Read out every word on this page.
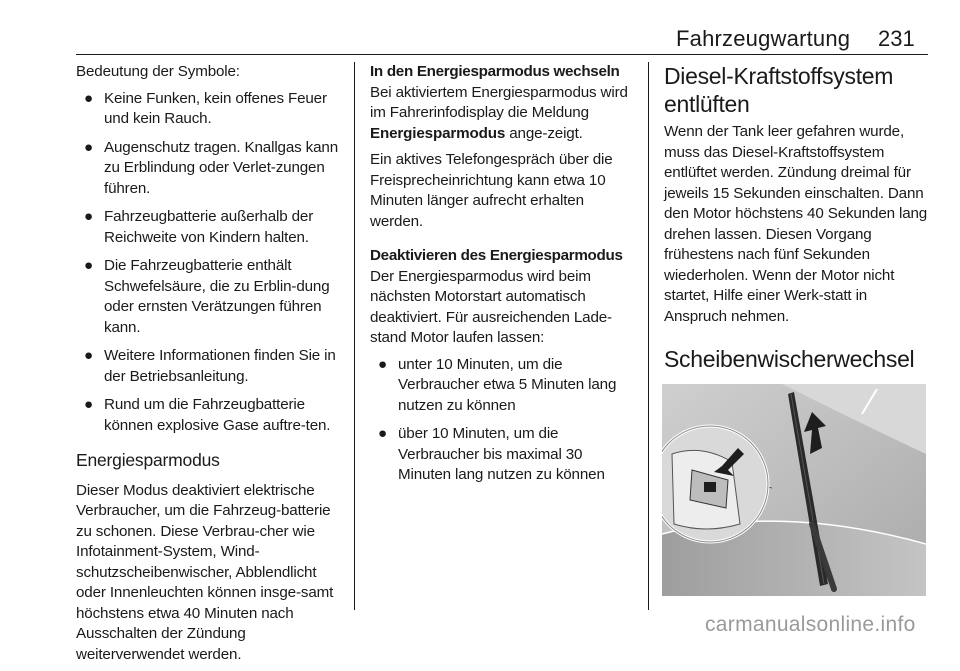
Fahrzeugwartung 231

Bedeutung der Symbole:

● Keine Funken, kein offenes Feuer und kein Rauch.
● Augenschutz tragen. Knallgas kann zu Erblindung oder Verlet-zungen führen.
● Fahrzeugbatterie außerhalb der Reichweite von Kindern halten.
● Die Fahrzeugbatterie enthält Schwefelsäure, die zu Erblin-dung oder ernsten Verätzungen führen kann.
● Weitere Informationen finden Sie in der Betriebsanleitung.
● Rund um die Fahrzeugbatterie können explosive Gase auftre-ten.
Energiesparmodus

Dieser Modus deaktiviert elektrische Verbraucher, um die Fahrzeug-batterie zu schonen. Diese Verbrau-cher wie Infotainment-System, Wind-schutzscheibenwischer, Abblendlicht oder Innenleuchten können insge-samt höchstens etwa 40 Minuten nach Ausschalten der Zündung weiterverwendet werden.

In den Energiesparmodus wechseln

Bei aktiviertem Energiesparmodus wird im Fahrerinfodisplay die Meldung Energiesparmodus ange-zeigt.

Ein aktives Telefongespräch über die Freisprecheinrichtung kann etwa 10 Minuten länger aufrecht erhalten werden.

Deaktivieren des Energiesparmodus

Der Energiesparmodus wird beim nächsten Motorstart automatisch deaktiviert. Für ausreichenden Lade-stand Motor laufen lassen:

● unter 10 Minuten, um die Verbraucher etwa 5 Minuten lang nutzen zu können
● über 10 Minuten, um die Verbraucher bis maximal 30 Minuten lang nutzen zu können
Diesel-Kraftstoffsystem entlüften

Wenn der Tank leer gefahren wurde, muss das Diesel-Kraftstoffsystem entlüftet werden. Zündung dreimal für jeweils 15 Sekunden einschalten. Dann den Motor höchstens 40 Sekunden lang drehen lassen. Diesen Vorgang frühestens nach fünf Sekunden wiederholen. Wenn der Motor nicht startet, Hilfe einer Werk-statt in Anspruch nehmen.

Scheibenwischerwechsel
carmanualsonline.info
